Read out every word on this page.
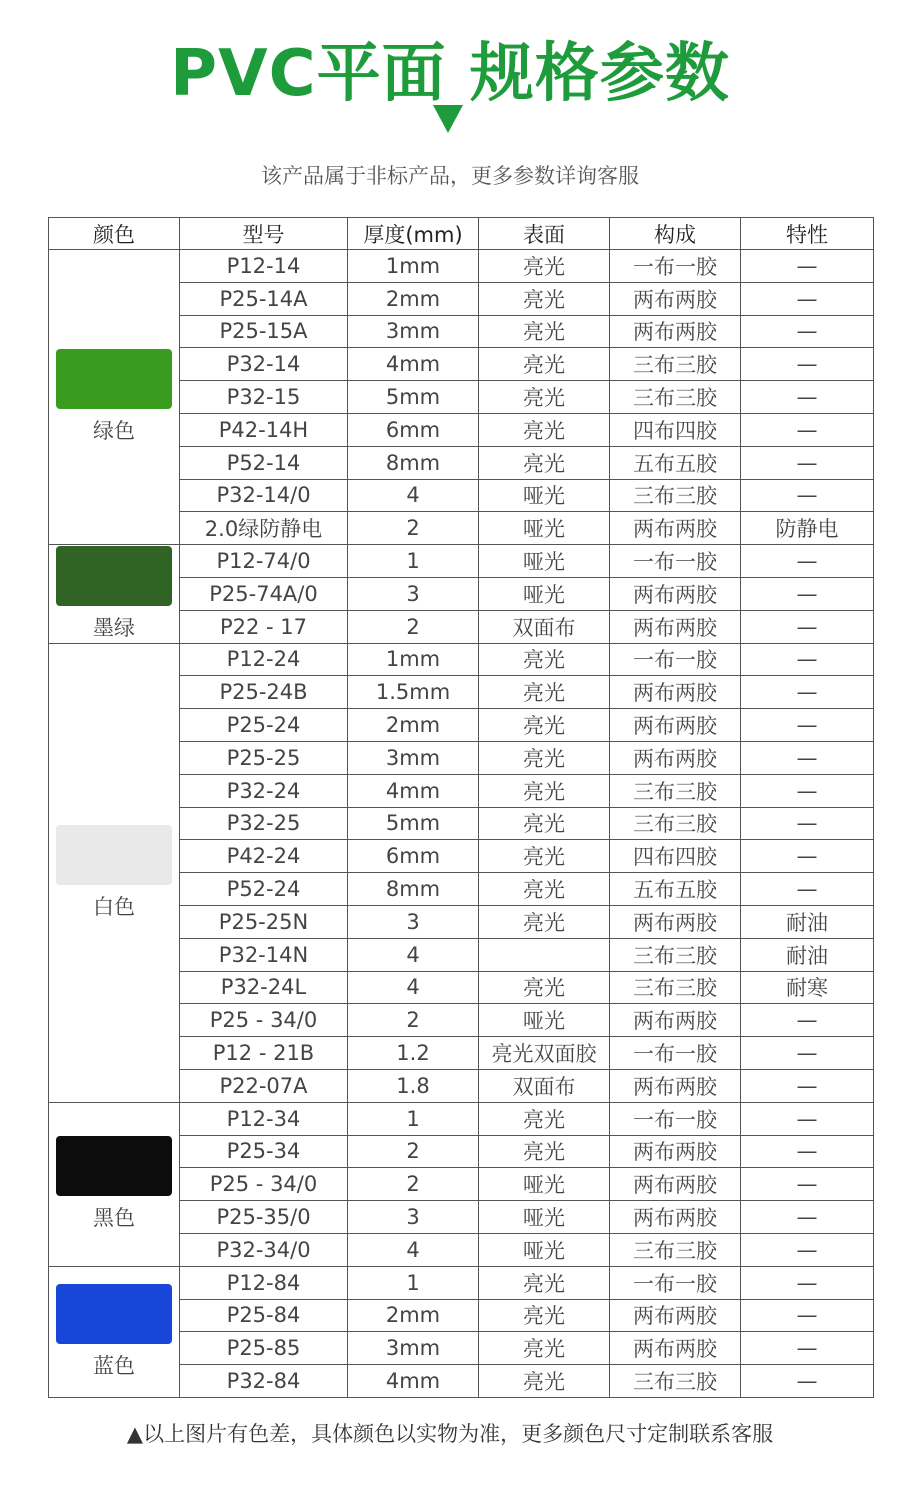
PVC平面 规格参数
该产品属于非标产品，更多参数详询客服
颜色	型号	厚度(mm)	表面	构成	特性

绿色	P12-14	1mm	亮光	一布一胶	—
	P25-14A	2mm	亮光	两布两胶	—
	P25-15A	3mm	亮光	两布两胶	—
	P32-14	4mm	亮光	三布三胶	—
	P32-15	5mm	亮光	三布三胶	—
	P42-14H	6mm	亮光	四布四胶	—
	P52-14	8mm	亮光	五布五胶	—
	P32-14/0	4	哑光	三布三胶	—
	2.0绿防静电	2	哑光	两布两胶	防静电

墨绿	P12-74/0	1	哑光	一布一胶	—
	P25-74A/0	3	哑光	两布两胶	—
	P22 - 17	2	双面布	两布两胶	—

白色	P12-24	1mm	亮光	一布一胶	—
	P25-24B	1.5mm	亮光	两布两胶	—
	P25-24	2mm	亮光	两布两胶	—
	P25-25	3mm	亮光	两布两胶	—
	P32-24	4mm	亮光	三布三胶	—
	P32-25	5mm	亮光	三布三胶	—
	P42-24	6mm	亮光	四布四胶	—
	P52-24	8mm	亮光	五布五胶	—
	P25-25N	3	亮光	两布两胶	耐油
	P32-14N	4		三布三胶	耐油
	P32-24L	4	亮光	三布三胶	耐寒
	P25 - 34/0	2	哑光	两布两胶	—
	P12 - 21B	1.2	亮光双面胶	一布一胶	—
	P22-07A	1.8	双面布	两布两胶	—

黑色	P12-34	1	亮光	一布一胶	—
	P25-34	2	亮光	两布两胶	—
	P25 - 34/0	2	哑光	两布两胶	—
	P25-35/0	3	哑光	两布两胶	—
	P32-34/0	4	哑光	三布三胶	—

蓝色	P12-84	1	亮光	一布一胶	—
	P25-84	2mm	亮光	两布两胶	—
	P25-85	3mm	亮光	两布两胶	—
	P32-84	4mm	亮光	三布三胶	—
▲以上图片有色差，具体颜色以实物为准，更多颜色尺寸定制联系客服
